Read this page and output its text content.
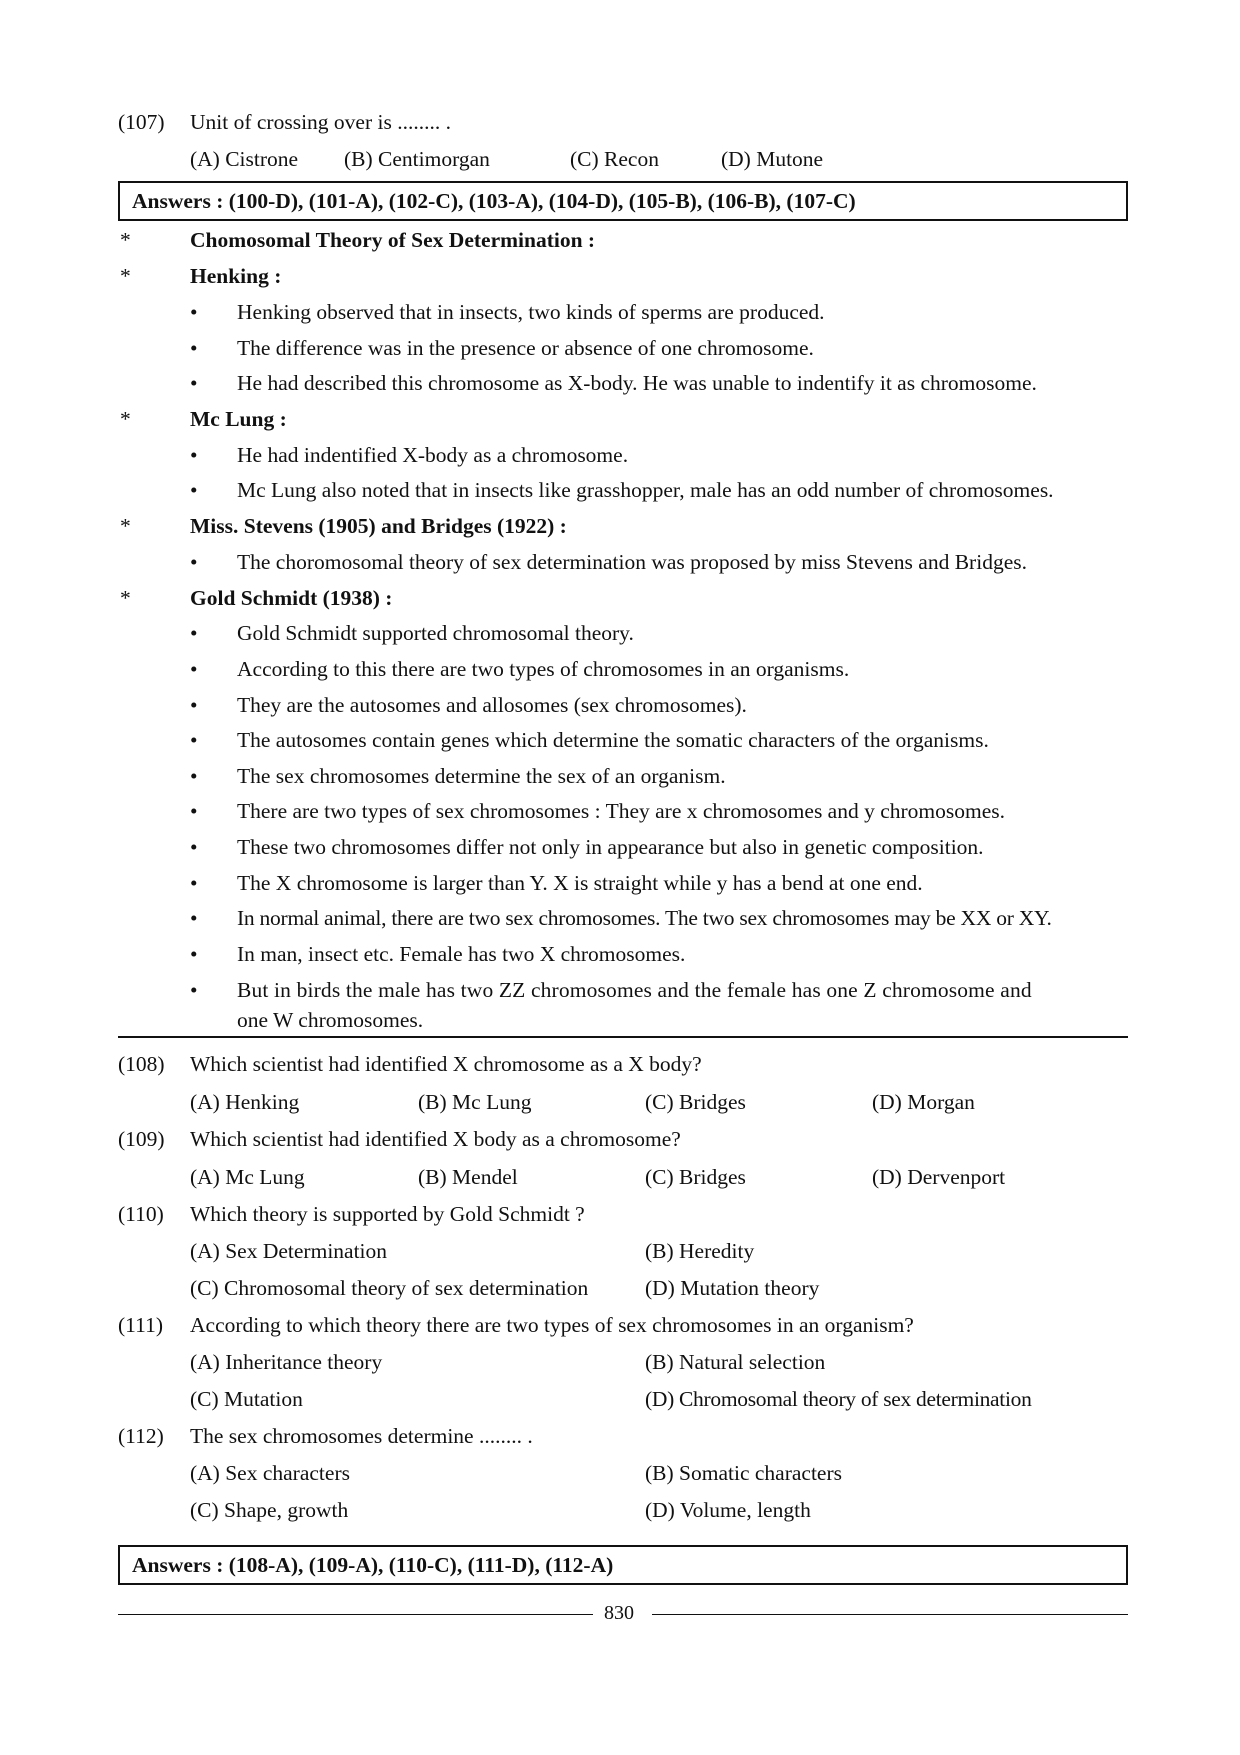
(107) Unit of crossing over is ........ .
(A) Cistrone (B) Centimorgan	(C) Recon	(D) Mutone
Answers : (100-D), (101-A), (102-C), (103-A), (104-D), (105-B), (106-B), (107-C)
*	Chomosomal Theory of Sex Determination :
*	Henking :
• Henking observed that in insects, two kinds of sperms are produced.
• The difference was in the presence or absence of one chromosome.
• He had described this chromosome as X-body. He was unable to indentify it as chromosome.
*	Mc Lung :
• He had indentified X-body as a chromosome.
• Mc Lung also noted that in insects like grasshopper, male has an odd number of chromosomes.
*	Miss. Stevens (1905) and Bridges (1922) :
• The choromosomal theory of sex determination was proposed by miss Stevens and Bridges.
*	Gold Schmidt (1938) :
• Gold Schmidt supported chromosomal theory.
• According to this there are two types of chromosomes in an organisms.
• They are the autosomes and allosomes (sex chromosomes).
• The autosomes contain genes which determine the somatic characters of the organisms.
• The sex chromosomes determine the sex of an organism.
• There are two types of sex chromosomes : They are x chromosomes and y chromosomes.
• These two chromosomes differ not only in appearance but also in genetic composition.
• The X chromosome is larger than Y. X is straight while y has a bend at one end.
• In normal animal, there are two sex chromosomes. The two sex chromosomes may be XX or XY.
• In man, insect etc. Female has two X chromosomes.
• But in birds the male has two ZZ chromosomes and the female has one Z chromosome and
one W chromosomes.
(108) Which scientist had identified X chromosome as a X body?
(A) Henking	(B) Mc Lung	(C) Bridges	(D) Morgan
(109) Which scientist had identified X body as a chromosome?
(A) Mc Lung	(B) Mendel	(C) Bridges	(D) Dervenport
(110) Which theory is supported by Gold Schmidt ?
(A) Sex Determination	(B) Heredity
(C) Chromosomal theory of sex determination	(D) Mutation theory
(111) According to which theory there are two types of sex chromosomes in an organism?
(A) Inheritance theory	(B) Natural selection
(C) Mutation	(D) Chromosomal theory of sex determination
(112) The sex chromosomes determine ........ .
(A) Sex characters	(B) Somatic characters
(C) Shape, growth	(D) Volume, length
Answers : (108-A), (109-A), (110-C), (111-D), (112-A)
830
